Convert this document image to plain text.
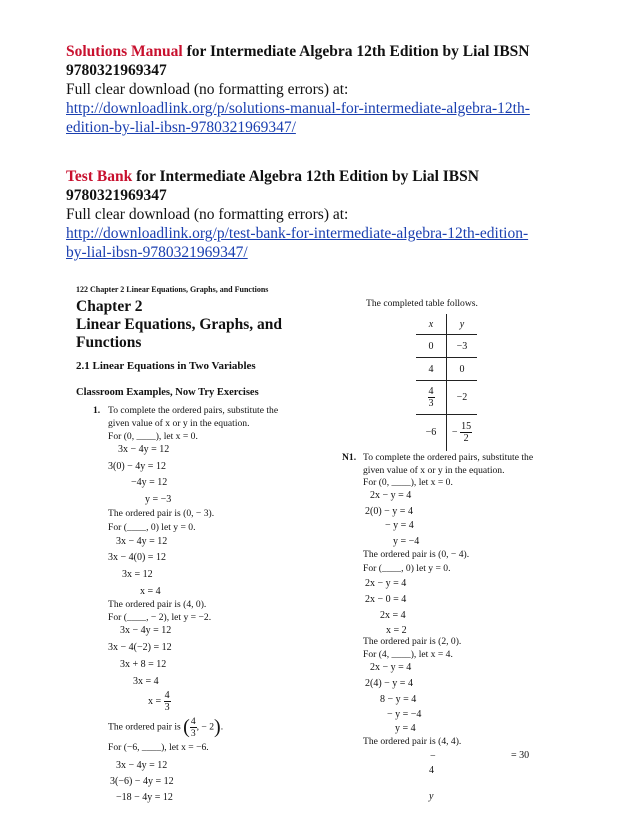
Solutions Manual for Intermediate Algebra 12th Edition by Lial IBSN
9780321969347
Full clear download (no formatting errors) at:
http://downloadlink.org/p/solutions-manual-for-intermediate-algebra-12th-
edition-by-lial-ibsn-9780321969347/
Test Bank for Intermediate Algebra 12th Edition by Lial IBSN
9780321969347
Full clear download (no formatting errors) at:
http://downloadlink.org/p/test-bank-for-intermediate-algebra-12th-edition-
by-lial-ibsn-9780321969347/
122 Chapter 2 Linear Equations, Graphs, and Functions
Chapter 2
Linear Equations, Graphs, and
Functions
2.1 Linear Equations in Two Variables
Classroom Examples, Now Try Exercises
1. To complete the ordered pairs, substitute the
given value of x or y in the equation.
For (0, ____), let x = 0.
3x − 4y = 12
3(0) − 4y = 12
−4y = 12
y = −3
The ordered pair is (0, − 3).
For (____, 0) let y = 0.
3x − 4y = 12
3x − 4(0) = 12
3x = 12
x = 4
The ordered pair is (4, 0).
For (____, − 2), let y = −2.
3x − 4y = 12
3x − 4(−2) = 12
3x + 8 = 12
3x = 4
$x = \frac{4}{3}$
The ordered pair is ( $\frac{4}{3}$ , − 2).
For (−6, ____), let x = −6.
3x − 4y = 12
3(−6) − 4y = 12
−18 − 4y = 12
The completed table follows.
x	y
0	−3
4	0

$\frac{4}{3}$	−2
−6	− $\frac{15}{2}$
N1. To complete the ordered pairs, substitute the
given value of x or y in the equation.
For (0, ____), let x = 0.
2x − y = 4
2(0) − y = 4
− y = 4
y = −4
The ordered pair is (0, − 4).
For (____, 0) let y = 0.
2x − y = 4
2x − 0 = 4
2x = 4
x = 2
The ordered pair is (2, 0).
For (4, ____), let x = 4.
2x − y = 4
2(4) − y = 4
8 − y = 4
− y = −4
y = 4
The ordered pair is (4, 4).
−	= 30
4
y
